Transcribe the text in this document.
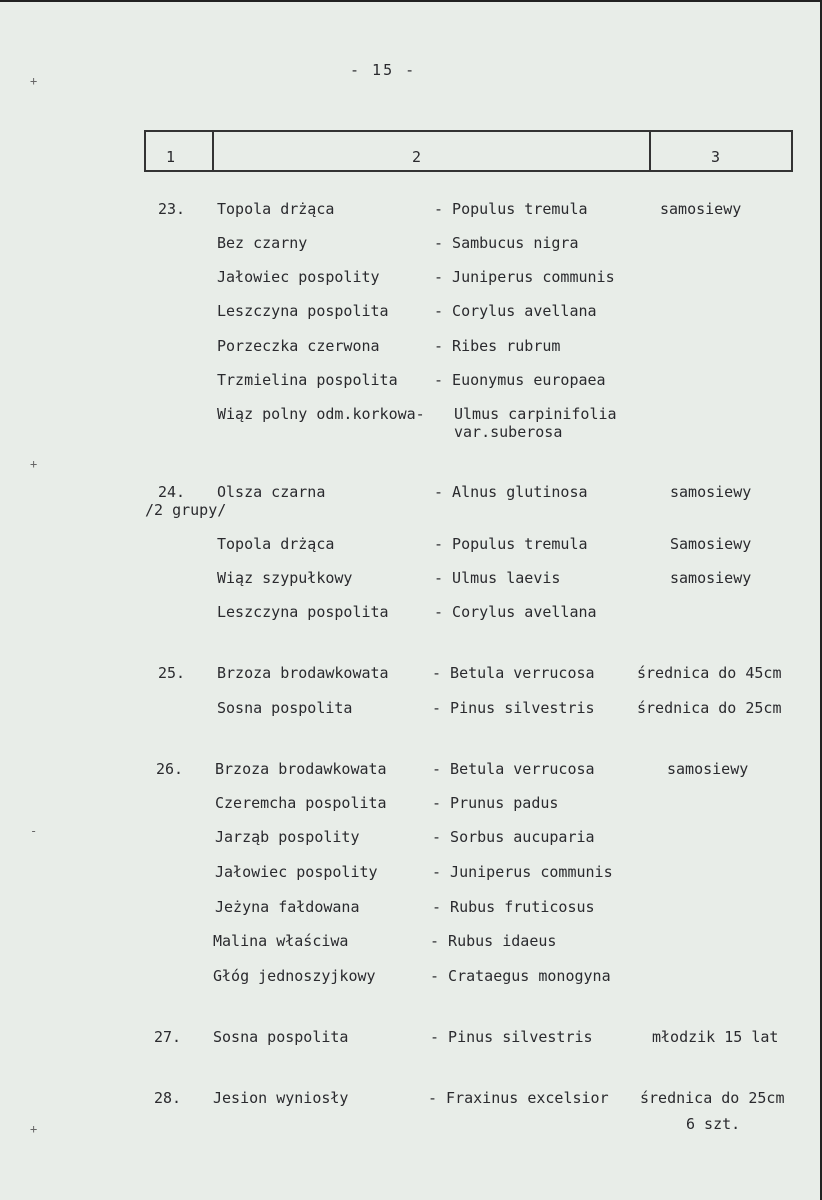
- 15 -
1	2	3
23. Topola drżąca	- Populus tremula	samosiewy
Bez czarny	- Sambucus nigra
Jałowiec pospolity	- Juniperus communis
Leszczyna pospolita	- Corylus avellana
Porzeczka czerwona	- Ribes rubrum
Trzmielina pospolita - Euonymus europaea
Wiąz polny odm.korkowa- Ulmus carpinifolia
var.suberosa
24. Olsza czarna	- Alnus glutinosa	samosiewy
/2 grupy/
Topola drżąca	- Populus tremula	Samosiewy
Wiąz szypułkowy	- Ulmus laevis	samosiewy
Leszczyna pospolita	- Corylus avellana
25. Brzoza brodawkowata	- Betula verrucosa	średnica do 45cm
Sosna pospolita	- Pinus silvestris	średnica do 25cm
26. Brzoza brodawkowata	- Betula verrucosa	samosiewy
Czeremcha pospolita	- Prunus padus
Jarząb pospolity	- Sorbus aucuparia
Jałowiec pospolity	- Juniperus communis
Jeżyna fałdowana	- Rubus fruticosus
Malina właściwa	- Rubus idaeus
Głóg jednoszyjkowy	- Crataegus monogyna
27. Sosna pospolita	- Pinus silvestris	młodzik 15 lat
28. Jesion wyniosły	- Fraxinus excelsior średnica do 25cm
6 szt.
+
+
-
+
